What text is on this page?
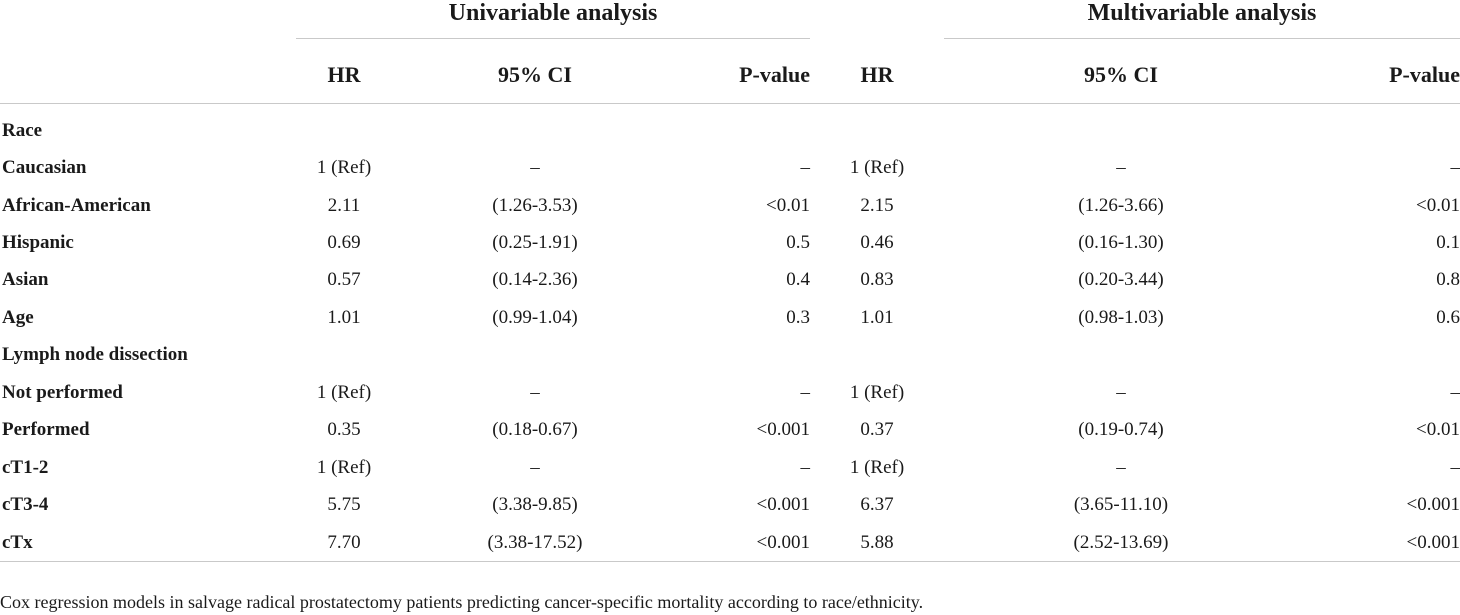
Univariable analysis	Multivariable analysis
	HR	95% CI	P-value	HR	95% CI	P-value
Race						
Caucasian	1 (Ref)	–	–	1 (Ref)	–	–
African-American	2.11	(1.26-3.53)	<0.01	2.15	(1.26-3.66)	<0.01
Hispanic	0.69	(0.25-1.91)	0.5	0.46	(0.16-1.30)	0.1
Asian	0.57	(0.14-2.36)	0.4	0.83	(0.20-3.44)	0.8
Age	1.01	(0.99-1.04)	0.3	1.01	(0.98-1.03)	0.6
Lymph node dissection						
Not performed	1 (Ref)	–	–	1 (Ref)	–	–
Performed	0.35	(0.18-0.67)	<0.001	0.37	(0.19-0.74)	<0.01
cT1-2	1 (Ref)	–	–	1 (Ref)	–	–
cT3-4	5.75	(3.38-9.85)	<0.001	6.37	(3.65-11.10)	<0.001
cTx	7.70	(3.38-17.52)	<0.001	5.88	(2.52-13.69)	<0.001
Cox regression models in salvage radical prostatectomy patients predicting cancer-specific mortality according to race/ethnicity.
